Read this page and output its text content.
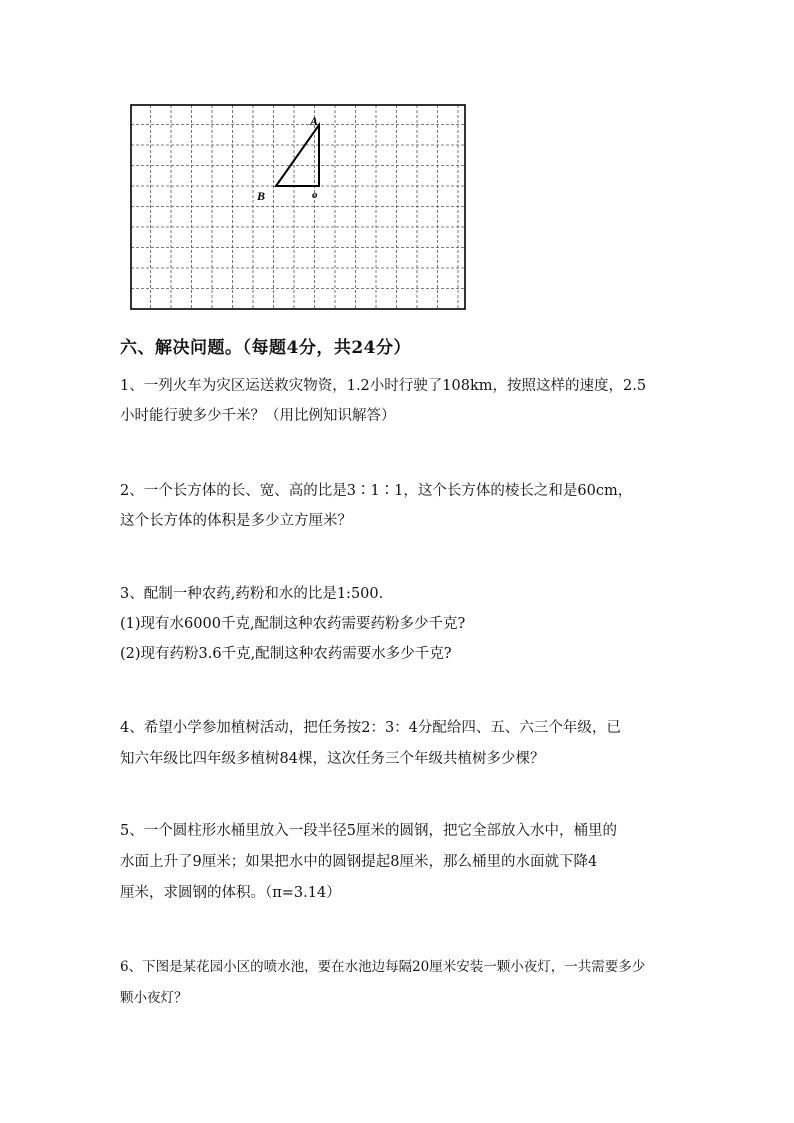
A
B	o
六、解决问题。（每题4分，共24分）
1、一列火车为灾区运送救灾物资，1.2小时行驶了108km，按照这样的速度，2.5
小时能行驶多少千米？（用比例知识解答）
2、一个长方体的长、宽、高的比是3∶1∶1，这个长方体的棱长之和是60cm，
这个长方体的体积是多少立方厘米？
3、配制一种农药,药粉和水的比是1:500.
(1)现有水6000千克,配制这种农药需要药粉多少千克?
(2)现有药粉3.6千克,配制这种农药需要水多少千克?
4、希望小学参加植树活动，把任务按2：3：4分配给四、五、六三个年级，已
知六年级比四年级多植树84棵，这次任务三个年级共植树多少棵？
5、一个圆柱形水桶里放入一段半径5厘米的圆钢，把它全部放入水中，桶里的
水面上升了9厘米；如果把水中的圆钢提起8厘米，那么桶里的水面就下降4
厘米，求圆钢的体积。（π=3.14）
6、下图是某花园小区的喷水池，要在水池边每隔20厘米安装一颗小夜灯，一共需要多少
颗小夜灯？
